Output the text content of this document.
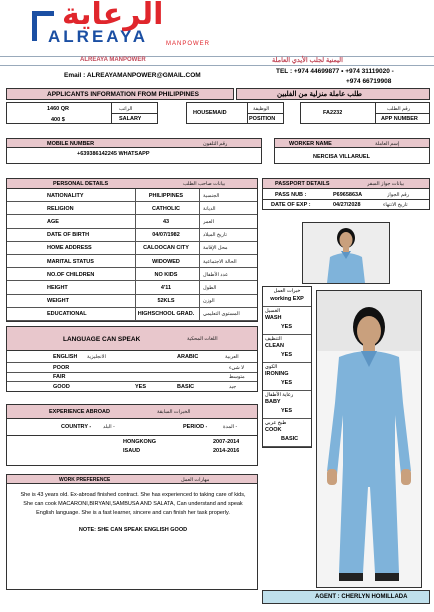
الرعاية
ALREAYA	MANPOWER
ALREAYA MANPOWER	اليمنية لجلب الأيدي العاملة
Email : ALREAYAMANPOWER@GMAIL.COM
TEL : +974 44699877 • +974 31119020 -
+974 66719908
APPLICANTS INFORMATION FROM PHILIPPINES	طلب عاملة منزلية من الفلبين
1460 QR
400 $
الراتب
SALARY
HOUSEMAID
الوظيفة
POSITION
FA2232
رقم الطلب
APP NUMBER
MOBILE NUMBER	رقم التلفون
+639386142245 WHATSAPP
WORKER NAME	إسم العاملة
NERCISA VILLARUEL
PERSONAL DETAILS	بيانات صاحب الطلب
NATIONALITY	PHILIPPINES	الجنسية
RELIGION	CATHOLIC	الديانة
AGE	43	العمر
DATE OF BIRTH	04/07/1982	تاريخ الميلاد
HOME ADDRESS	CALOOCAN CITY	محل الإقامة
MARITAL STATUS	WIDOWED	الحالة الاجتماعية
NO.OF CHILDREN	NO KIDS	عدد الأطفال
HEIGHT	4'11	الطول
WEIGHT	52KLS	الوزن
EDUCATIONAL	HIGHSCHOOL GRAD. المستوى التعليمي
PASSPORT DETAILS	بيانات جواز السفر
PASS NUB :	P6965863A	رقم الجواز
DATE OF EXP :	04/27/2028	تاريخ الانتهاء
LANGUAGE CAN SPEAK	اللغات المحكية
ENGLISH الانجليزية	ARABIC	العربية
POOR	لا شيء
FAIR	متوسط
GOOD	YES	BASIC	جيد
EXPERIENCE ABROAD	الخبرات السابقة
COUNTRY - البلد -	PERIOD -	المدة -
HONGKONG	2007-2014
ISAUD	2014-2016
WORK PREFERENCE	مهارات العمل

She is 43 years old. Ex-abroad finished contract. She has experienced to taking care of kids, She can cook MACARONI,BIRYANI,SAMBUSA AND SALATA, Can understand and speak English language. She is a fast learner, sincere and can finish her task properly.

NOTE: SHE CAN SPEAK ENGLISH GOOD

خبرات العمل
working EXP
الغسيل
WASH
YES
التنظيف
CLEAN
YES
الكوي
IRONING
YES
رعاية الأطفال
BABY
YES
طبخ عربي
COOK
BASIC
AGENT : CHERLYN HOMILLADA
